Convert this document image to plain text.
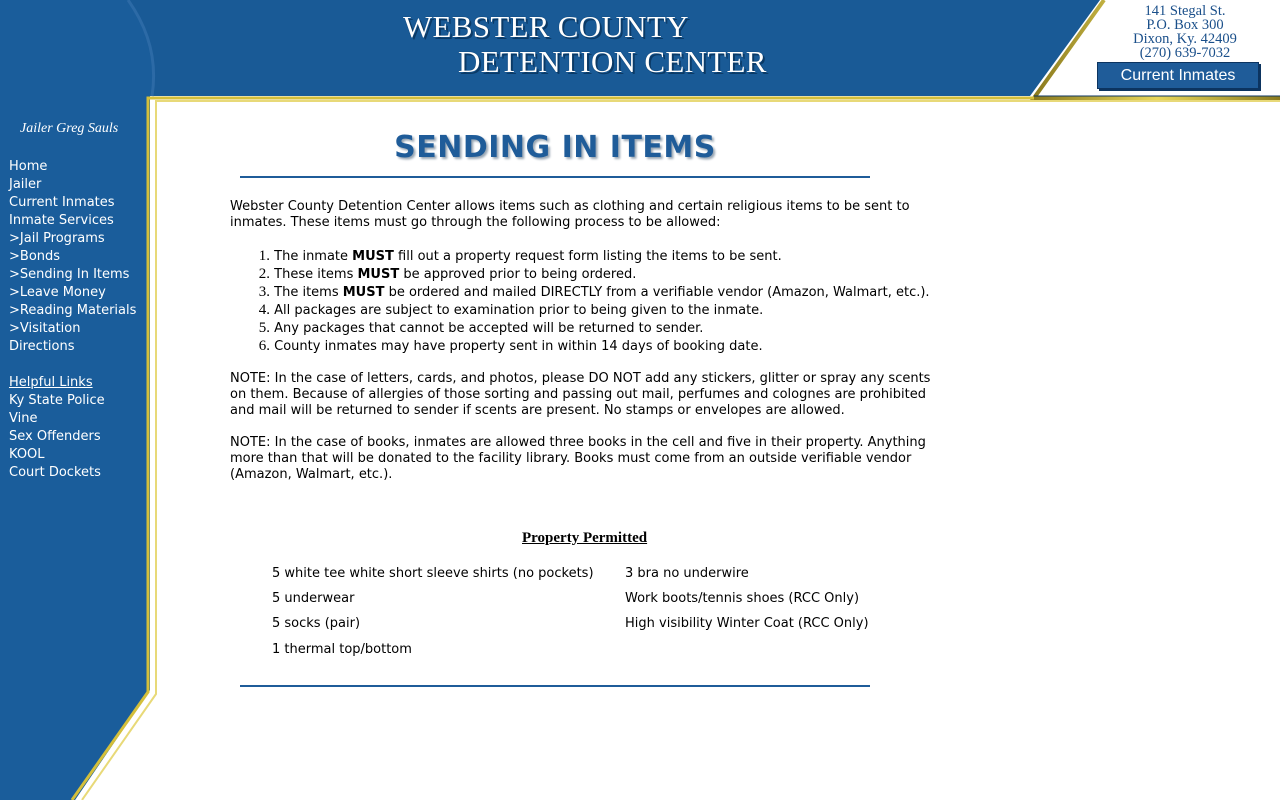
WEBSTER COUNTY
DETENTION CENTER
141 Stegal St.
P.O. Box 300
Dixon, Ky. 42409
(270) 639-7032
Current Inmates
Jailer Greg Sauls
Home
Jailer
Current Inmates
Inmate Services
>Jail Programs
>Bonds
>Sending In Items
>Leave Money
>Reading Materials
>Visitation
Directions
Helpful Links
Ky State Police
Vine
Sex Offenders
KOOL
Court Dockets
SENDING IN ITEMS
Webster County Detention Center allows items such as clothing and certain religious items to be sent to inmates. These items must go through the following process to be allowed:
1. The inmate MUST fill out a property request form listing the items to be sent.
2. These items MUST be approved prior to being ordered.
3. The items MUST be ordered and mailed DIRECTLY from a verifiable vendor (Amazon, Walmart, etc.).
4. All packages are subject to examination prior to being given to the inmate.
5. Any packages that cannot be accepted will be returned to sender.
6. County inmates may have property sent in within 14 days of booking date.
NOTE: In the case of letters, cards, and photos, please DO NOT add any stickers, glitter or spray any scents on them. Because of allergies of those sorting and passing out mail, perfumes and colognes are prohibited and mail will be returned to sender if scents are present. No stamps or envelopes are allowed.
NOTE: In the case of books, inmates are allowed three books in the cell and five in their property. Anything more than that will be donated to the facility library. Books must come from an outside verifiable vendor (Amazon, Walmart, etc.).
Property Permitted
5 white tee white short sleeve shirts (no pockets)
5 underwear
5 socks (pair)
1 thermal top/bottom
3 bra no underwire
Work boots/tennis shoes (RCC Only)
High visibility Winter Coat (RCC Only)
